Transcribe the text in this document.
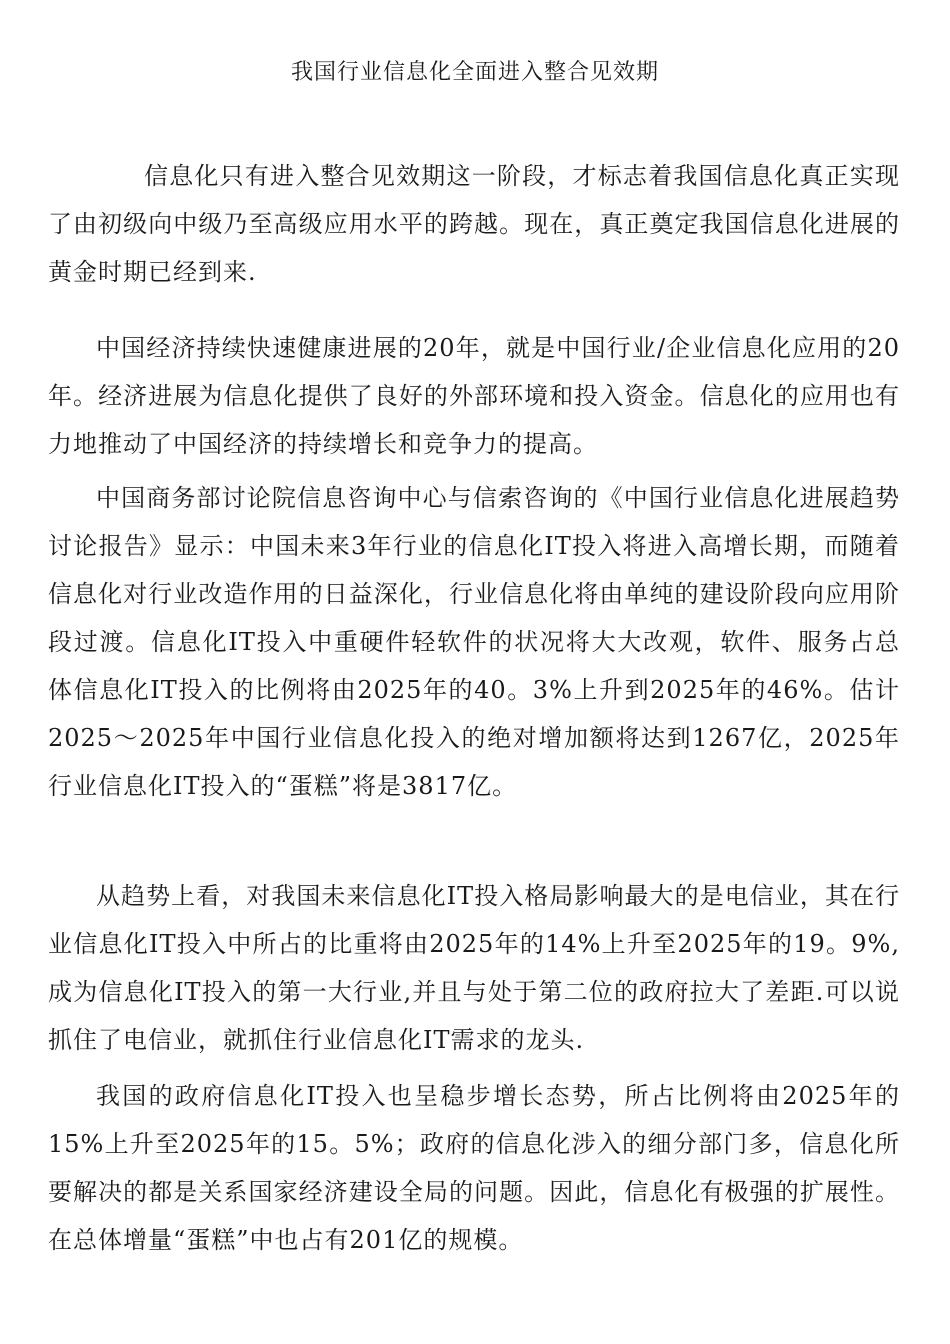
我国行业信息化全面进入整合见效期

信息化只有进入整合见效期这一阶段，才标志着我国信息化真正实现了由初级向中级乃至高级应用水平的跨越。现在，真正奠定我国信息化进展的黄金时期已经到来.

中国经济持续快速健康进展的20年，就是中国行业/企业信息化应用的20年。经济进展为信息化提供了良好的外部环境和投入资金。信息化的应用也有力地推动了中国经济的持续增长和竞争力的提高。

中国商务部讨论院信息咨询中心与信索咨询的《中国行业信息化进展趋势讨论报告》显示：中国未来3年行业的信息化IT投入将进入高增长期，而随着信息化对行业改造作用的日益深化，行业信息化将由单纯的建设阶段向应用阶段过渡。信息化IT投入中重硬件轻软件的状况将大大改观，软件、服务占总体信息化IT投入的比例将由2025年的40。3%上升到2025年的46%。估计2025～2025年中国行业信息化投入的绝对增加额将达到1267亿，2025年行业信息化IT投入的“蛋糕”将是3817亿。

从趋势上看，对我国未来信息化IT投入格局影响最大的是电信业，其在行业信息化IT投入中所占的比重将由2025年的14%上升至2025年的19。9%,成为信息化IT投入的第一大行业,并且与处于第二位的政府拉大了差距.可以说抓住了电信业，就抓住行业信息化IT需求的龙头.

我国的政府信息化IT投入也呈稳步增长态势，所占比例将由2025年的15%上升至2025年的15。5%；政府的信息化涉入的细分部门多，信息化所要解决的都是关系国家经济建设全局的问题。因此，信息化有极强的扩展性。在总体增量“蛋糕”中也占有201亿的规模。
